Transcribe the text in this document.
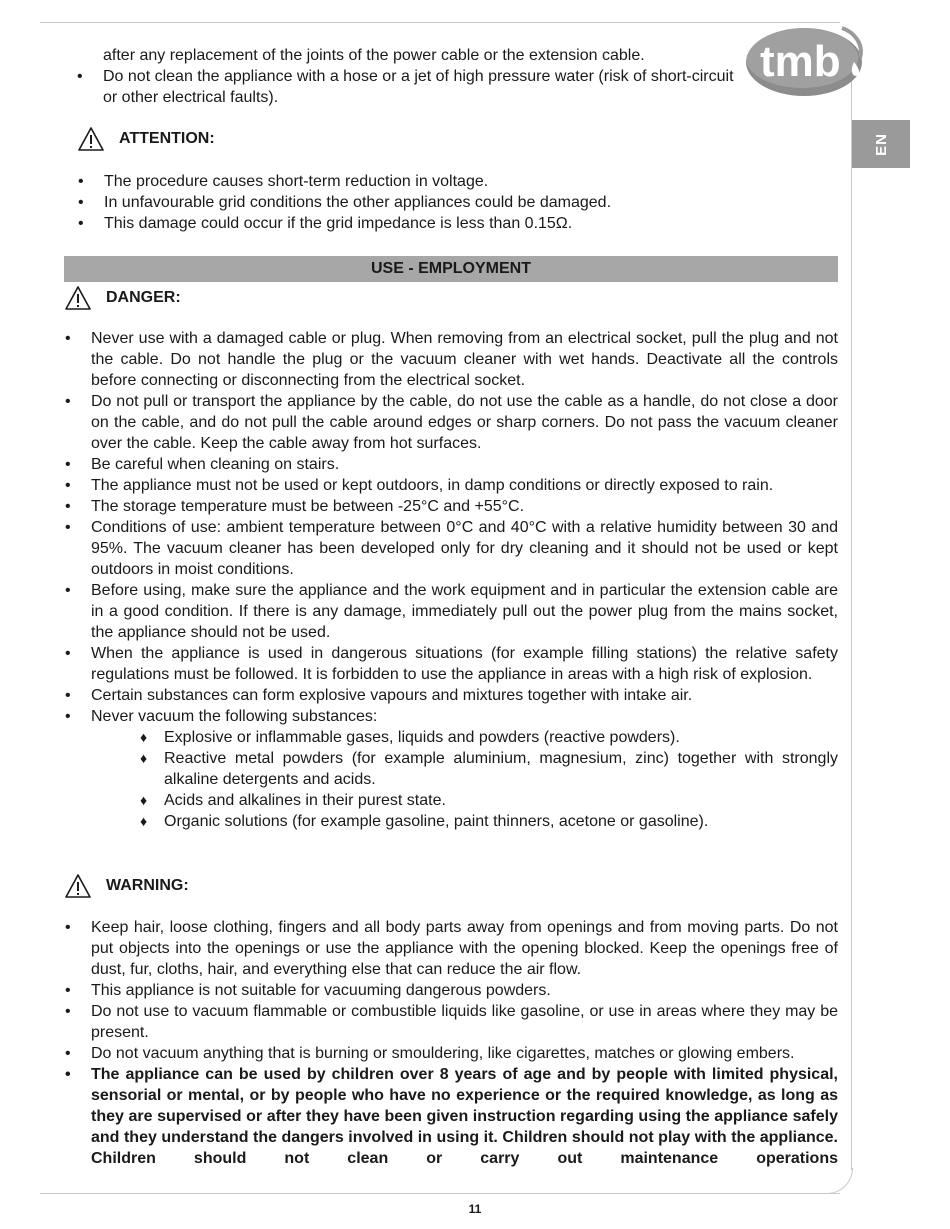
tmb
EN
after any replacement of the joints of the power cable or the extension cable.
• Do not clean the appliance with a hose or a jet of high pressure water (risk of short-circuit or other electrical faults).
ATTENTION:
• The procedure causes short-term reduction in voltage.
• In unfavourable grid conditions the other appliances could be damaged.
• This damage could occur if the grid impedance is less than 0.15Ω.
USE - EMPLOYMENT
DANGER:
• Never use with a damaged cable or plug. When removing from an electrical socket, pull the plug and not the cable. Do not handle the plug or the vacuum cleaner with wet hands. Deactivate all the controls before connecting or disconnecting from the electrical socket.
• Do not pull or transport the appliance by the cable, do not use the cable as a handle, do not close a door on the cable, and do not pull the cable around edges or sharp corners. Do not pass the vacuum cleaner over the cable. Keep the cable away from hot surfaces.
• Be careful when cleaning on stairs.
• The appliance must not be used or kept outdoors, in damp conditions or directly exposed to rain.
• The storage temperature must be between -25°C and +55°C.
• Conditions of use: ambient temperature between 0°C and 40°C with a relative humidity between 30 and 95%. The vacuum cleaner has been developed only for dry cleaning and it should not be used or kept outdoors in moist conditions.
• Before using, make sure the appliance and the work equipment and in particular the extension cable are in a good condition. If there is any damage, immediately pull out the power plug from the mains socket, the appliance should not be used.
• When the appliance is used in dangerous situations (for example filling stations) the relative safety regulations must be followed. It is forbidden to use the appliance in areas with a high risk of explosion.
• Certain substances can form explosive vapours and mixtures together with intake air.
• Never vacuum the following substances:
♦ Explosive or inflammable gases, liquids and powders (reactive powders).
♦ Reactive metal powders (for example aluminium, magnesium, zinc) together with strongly alkaline detergents and acids.
♦ Acids and alkalines in their purest state.
♦ Organic solutions (for example gasoline, paint thinners, acetone or gasoline).
WARNING:
• Keep hair, loose clothing, fingers and all body parts away from openings and from moving parts. Do not put objects into the openings or use the appliance with the opening blocked. Keep the openings free of dust, fur, cloths, hair, and everything else that can reduce the air flow.
• This appliance is not suitable for vacuuming dangerous powders.
• Do not use to vacuum flammable or combustible liquids like gasoline, or use in areas where they may be present.
• Do not vacuum anything that is burning or smouldering, like cigarettes, matches or glowing embers.
• The appliance can be used by children over 8 years of age and by people with limited physical, sensorial or mental, or by people who have no experience or the required knowledge, as long as they are supervised or after they have been given instruction regarding using the appliance safely and they understand the dangers involved in using it. Children should not play with the appliance. Children should not clean or carry out maintenance operations
11
